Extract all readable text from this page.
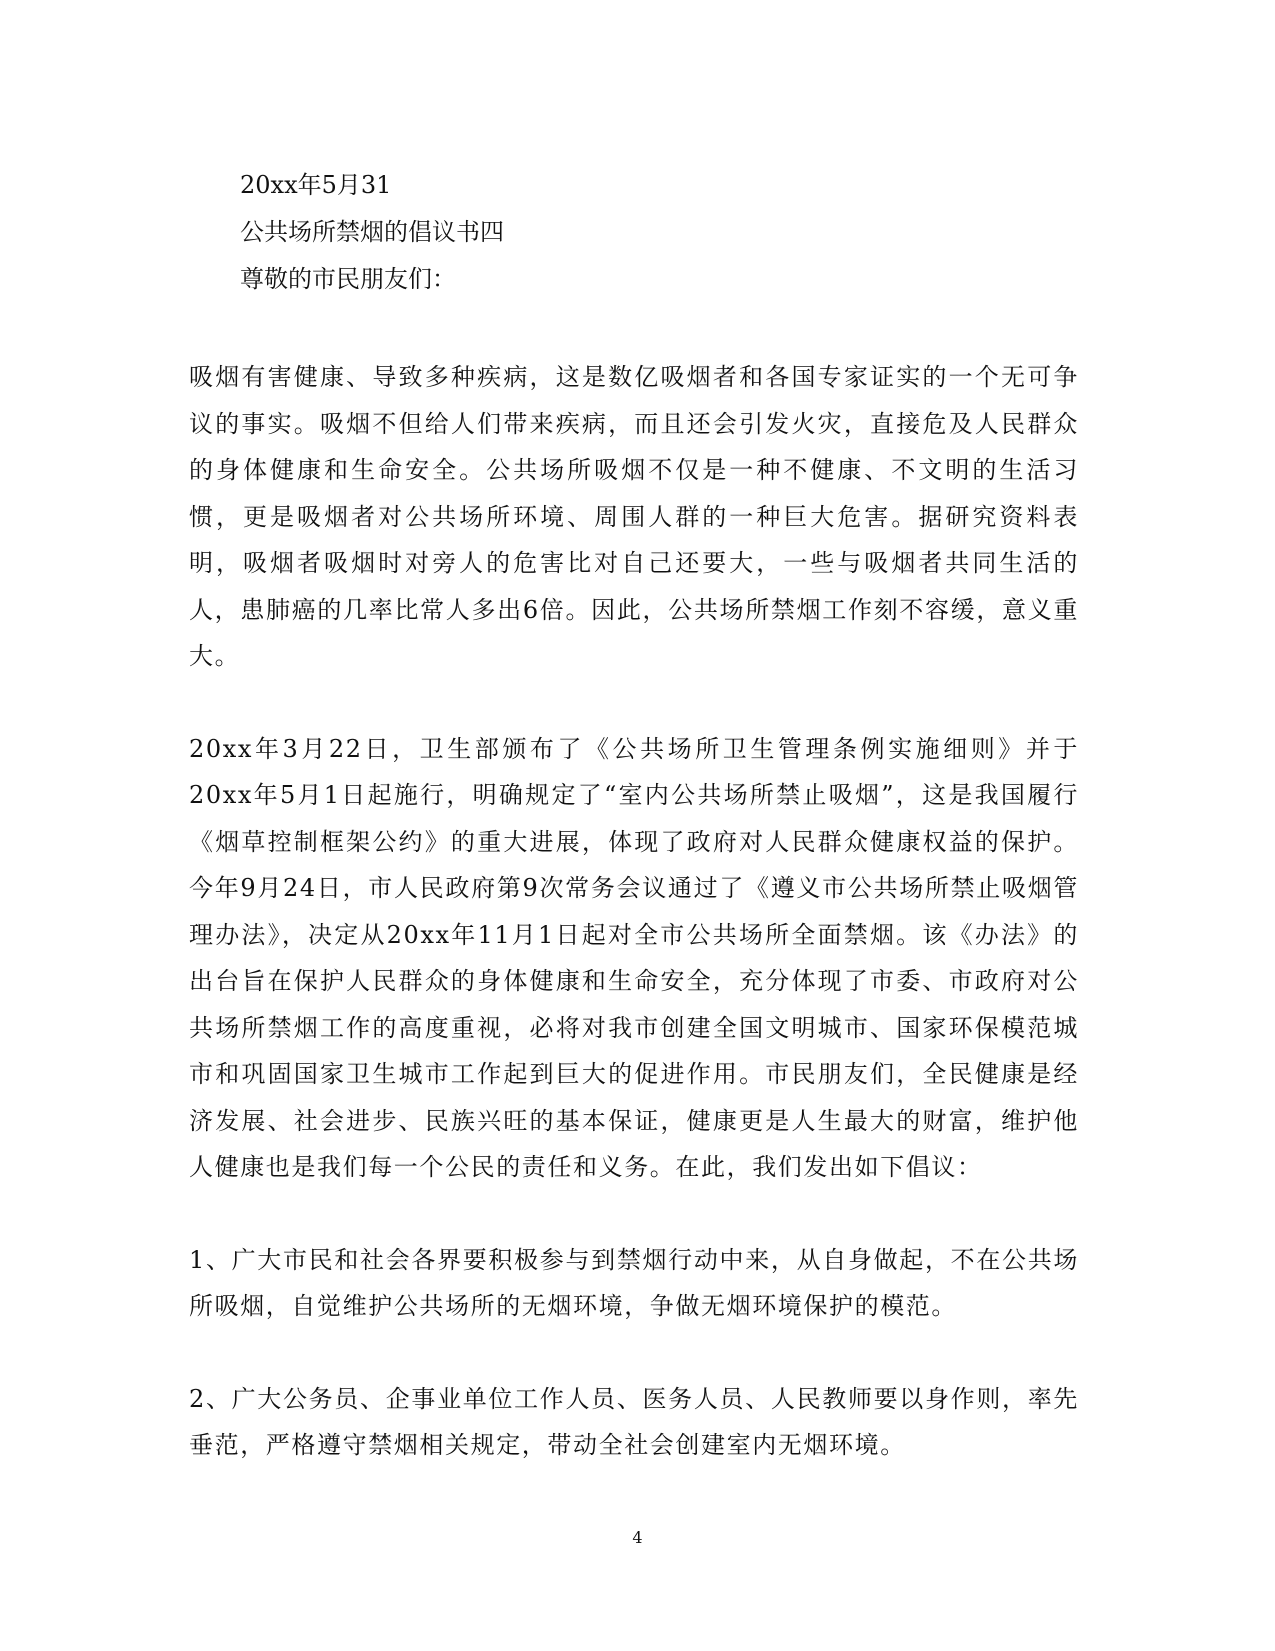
20xx年5月31
公共场所禁烟的倡议书四
尊敬的市民朋友们：

吸烟有害健康、导致多种疾病，这是数亿吸烟者和各国专家证实的一个无可争议的事实。吸烟不但给人们带来疾病，而且还会引发火灾，直接危及人民群众的身体健康和生命安全。公共场所吸烟不仅是一种不健康、不文明的生活习惯，更是吸烟者对公共场所环境、周围人群的一种巨大危害。据研究资料表明，吸烟者吸烟时对旁人的危害比对自己还要大，一些与吸烟者共同生活的人，患肺癌的几率比常人多出6倍。因此，公共场所禁烟工作刻不容缓，意义重大。

20xx年3月22日，卫生部颁布了《公共场所卫生管理条例实施细则》并于20xx年5月1日起施行，明确规定了“室内公共场所禁止吸烟”，这是我国履行《烟草控制框架公约》的重大进展，体现了政府对人民群众健康权益的保护。今年9月24日，市人民政府第9次常务会议通过了《遵义市公共场所禁止吸烟管理办法》，决定从20xx年11月1日起对全市公共场所全面禁烟。该《办法》的出台旨在保护人民群众的身体健康和生命安全，充分体现了市委、市政府对公共场所禁烟工作的高度重视，必将对我市创建全国文明城市、国家环保模范城市和巩固国家卫生城市工作起到巨大的促进作用。市民朋友们，全民健康是经济发展、社会进步、民族兴旺的基本保证，健康更是人生最大的财富，维护他人健康也是我们每一个公民的责任和义务。在此，我们发出如下倡议：

1、广大市民和社会各界要积极参与到禁烟行动中来，从自身做起，不在公共场所吸烟，自觉维护公共场所的无烟环境，争做无烟环境保护的模范。

2、广大公务员、企事业单位工作人员、医务人员、人民教师要以身作则，率先垂范，严格遵守禁烟相关规定，带动全社会创建室内无烟环境。

4
